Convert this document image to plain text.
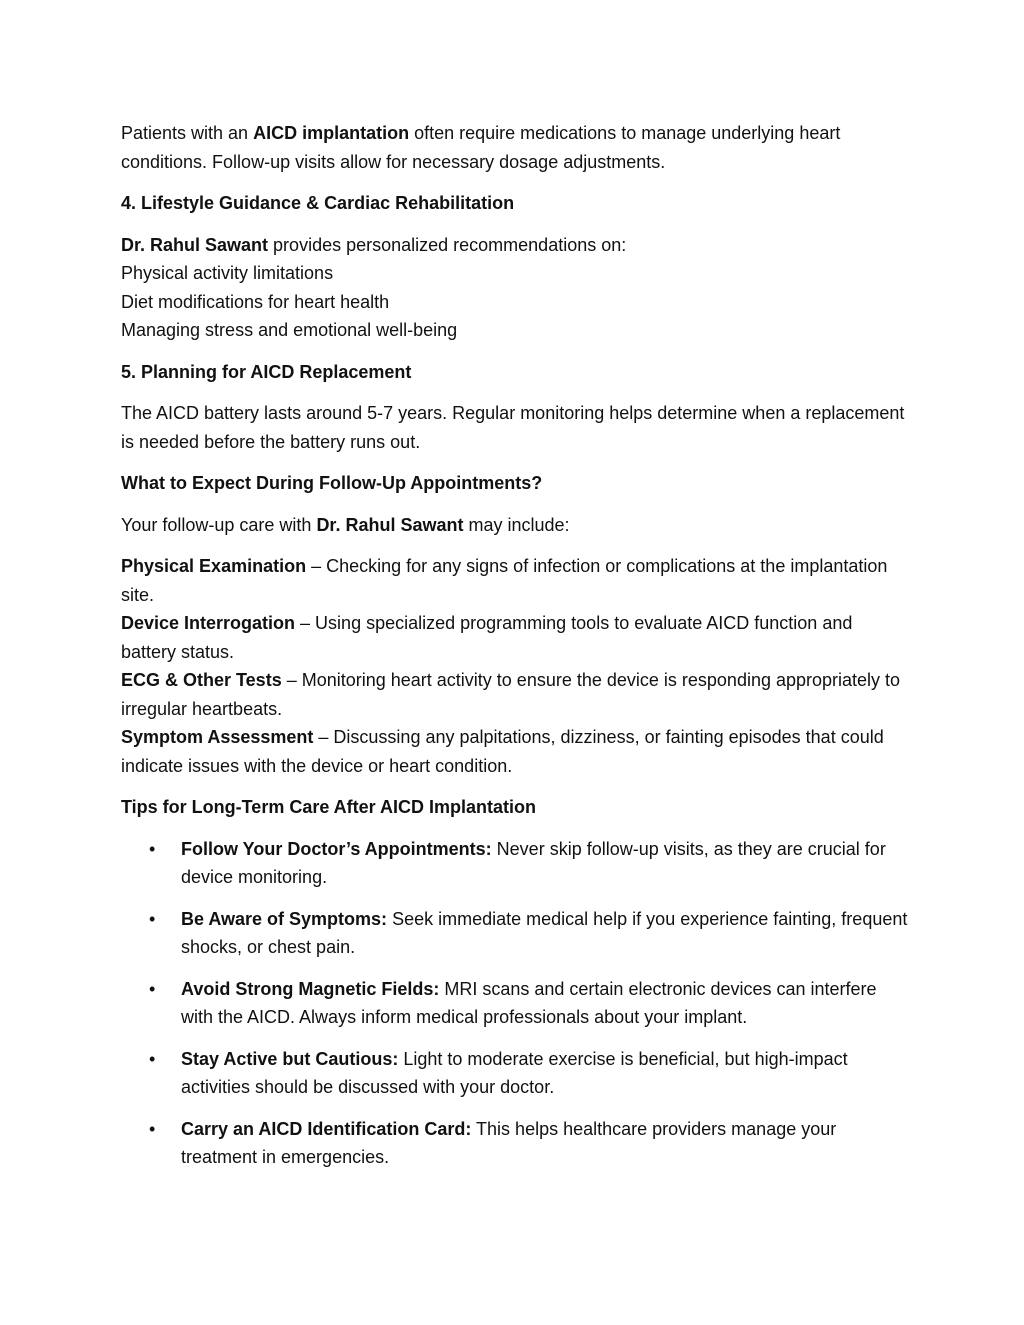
Patients with an AICD implantation often require medications to manage underlying heart conditions. Follow-up visits allow for necessary dosage adjustments.

4. Lifestyle Guidance & Cardiac Rehabilitation

Dr. Rahul Sawant provides personalized recommendations on:

Physical activity limitations

Diet modifications for heart health

Managing stress and emotional well-being

5. Planning for AICD Replacement

The AICD battery lasts around 5-7 years. Regular monitoring helps determine when a replacement is needed before the battery runs out.

What to Expect During Follow-Up Appointments?

Your follow-up care with Dr. Rahul Sawant may include:

Physical Examination – Checking for any signs of infection or complications at the implantation site.

Device Interrogation – Using specialized programming tools to evaluate AICD function and battery status.

ECG & Other Tests – Monitoring heart activity to ensure the device is responding appropriately to irregular heartbeats.

Symptom Assessment – Discussing any palpitations, dizziness, or fainting episodes that could indicate issues with the device or heart condition.

Tips for Long-Term Care After AICD Implantation

• Follow Your Doctor’s Appointments: Never skip follow-up visits, as they are crucial for device monitoring.
• Be Aware of Symptoms: Seek immediate medical help if you experience fainting, frequent shocks, or chest pain.
• Avoid Strong Magnetic Fields: MRI scans and certain electronic devices can interfere with the AICD. Always inform medical professionals about your implant.
• Stay Active but Cautious: Light to moderate exercise is beneficial, but high-impact activities should be discussed with your doctor.
• Carry an AICD Identification Card: This helps healthcare providers manage your treatment in emergencies.
